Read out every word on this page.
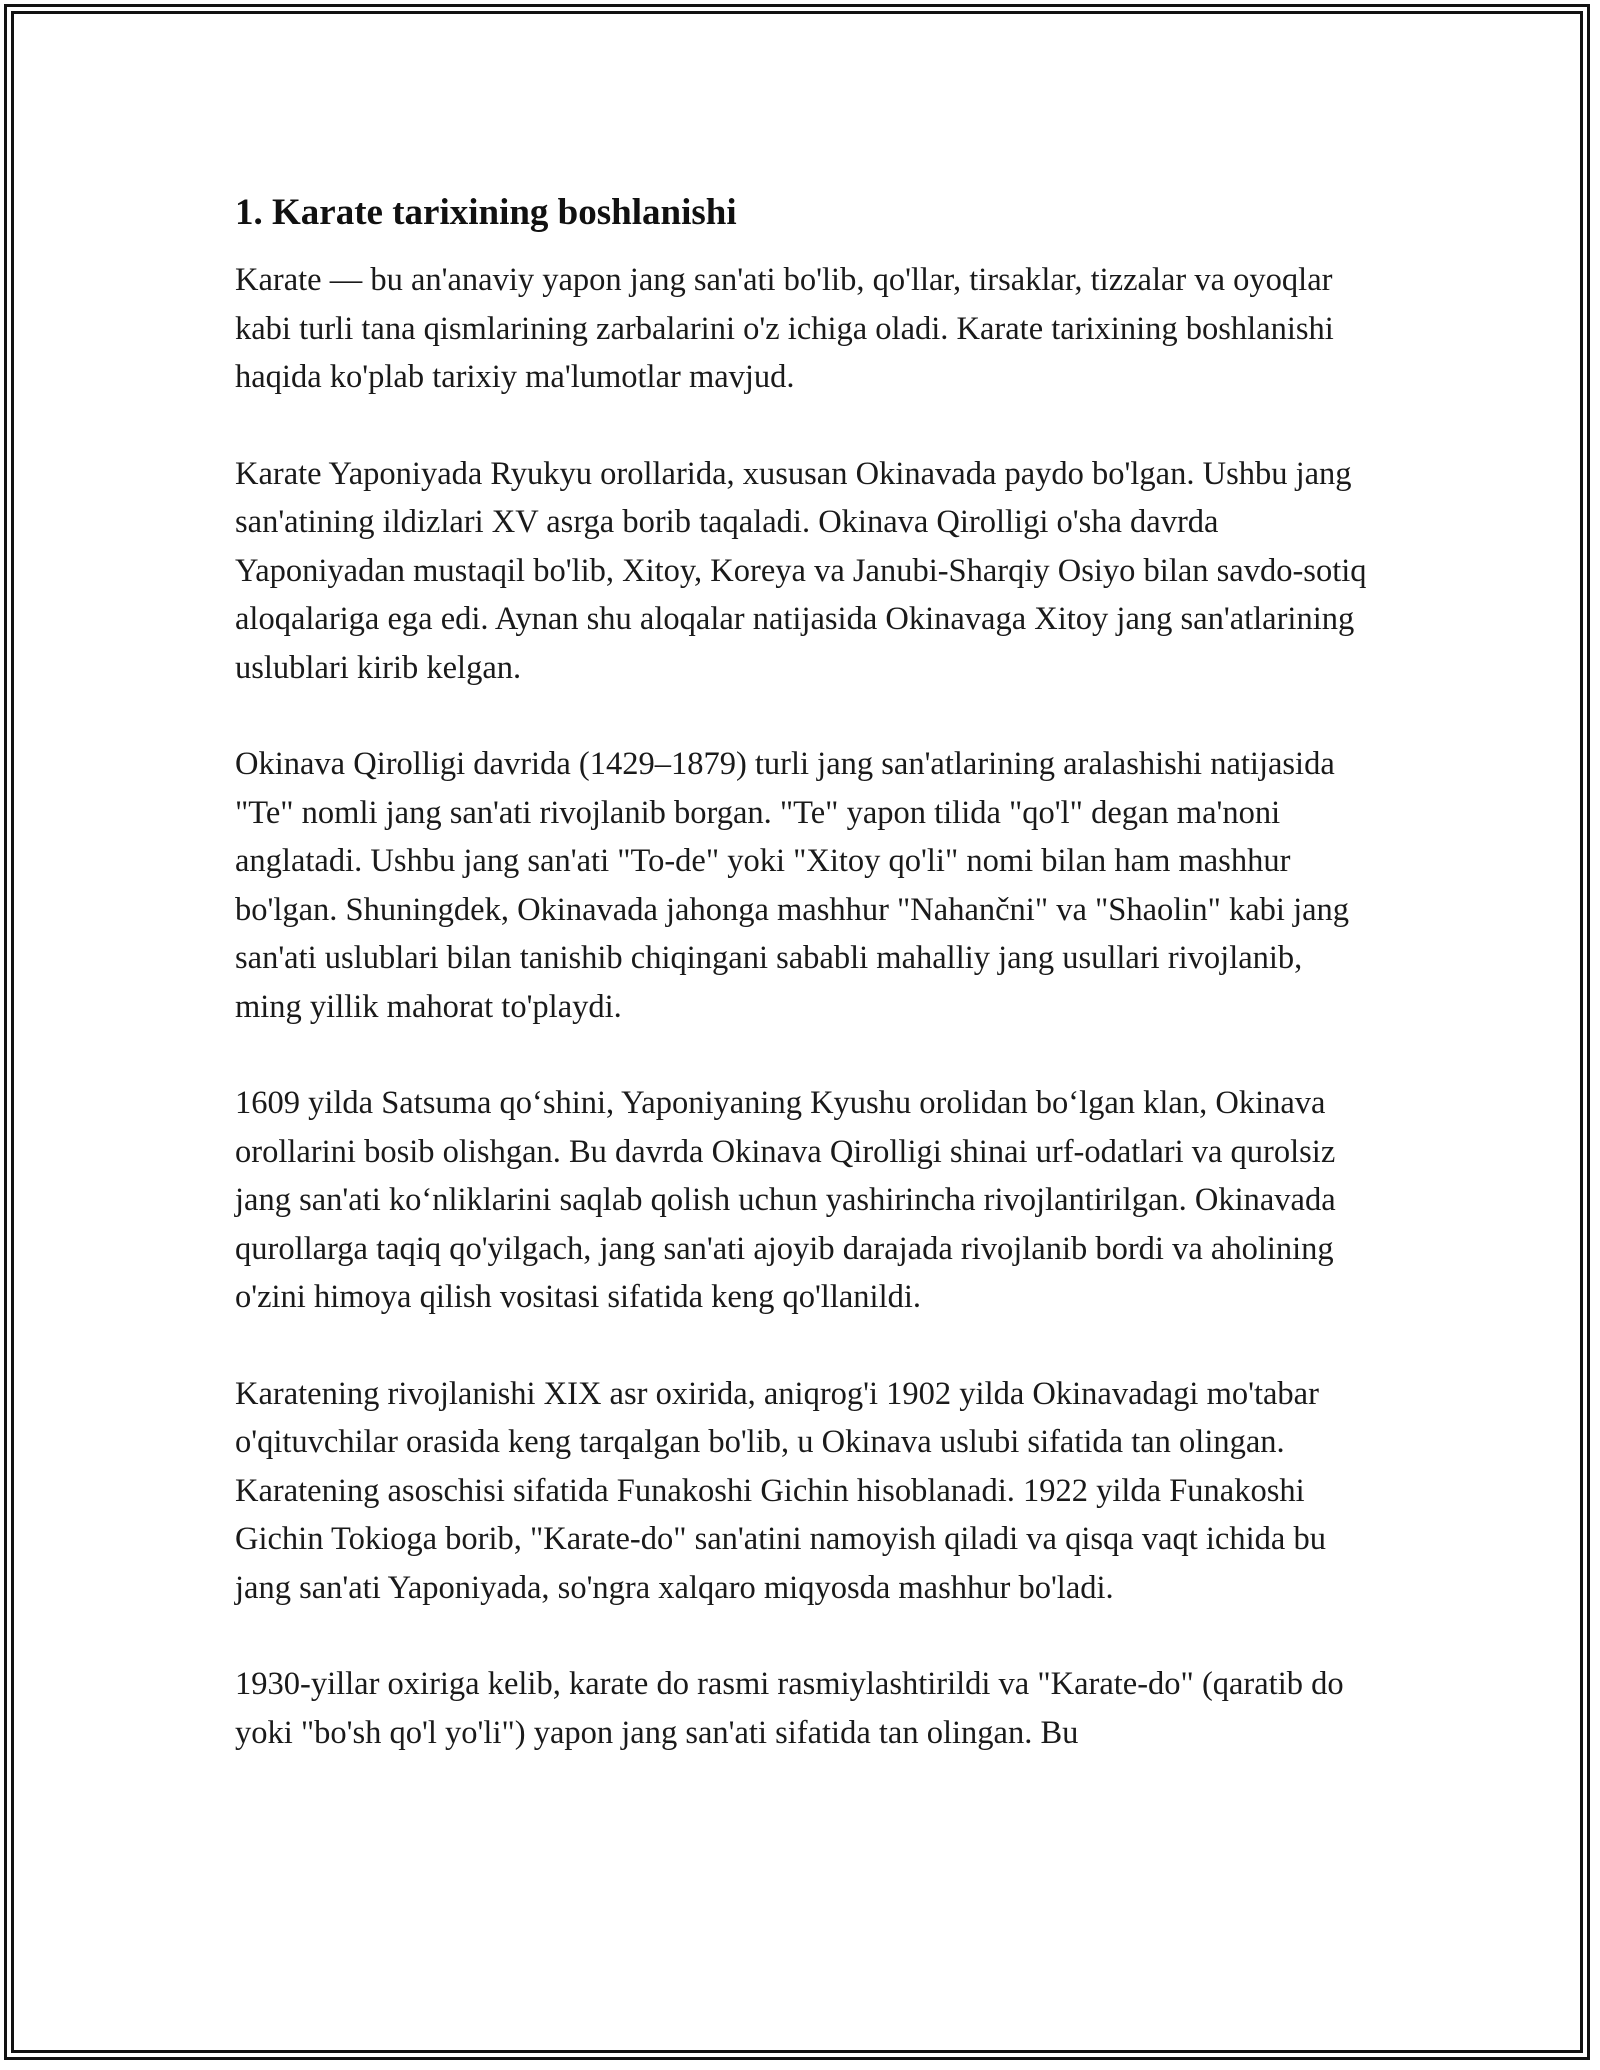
1. Karate tarixining boshlanishi

Karate — bu an'anaviy yapon jang san'ati bo'lib, qo'llar, tirsaklar, tizzalar va oyoqlar kabi turli tana qismlarining zarbalarini o'z ichiga oladi. Karate tarixining boshlanishi haqida ko'plab tarixiy ma'lumotlar mavjud.

Karate Yaponiyada Ryukyu orollarida, xususan Okinavada paydo bo'lgan. Ushbu jang san'atining ildizlari XV asrga borib taqaladi. Okinava Qirolligi o'sha davrda Yaponiyadan mustaqil bo'lib, Xitoy, Koreya va Janubi-Sharqiy Osiyo bilan savdo-sotiq aloqalariga ega edi. Aynan shu aloqalar natijasida Okinavaga Xitoy jang san'atlarining uslublari kirib kelgan.

Okinava Qirolligi davrida (1429–1879) turli jang san'atlarining aralashishi natijasida "Te" nomli jang san'ati rivojlanib borgan. "Te" yapon tilida "qo'l" degan ma'noni anglatadi. Ushbu jang san'ati "To-de" yoki "Xitoy qo'li" nomi bilan ham mashhur bo'lgan. Shuningdek, Okinavada jahonga mashhur "Nahančni" va "Shaolin" kabi jang san'ati uslublari bilan tanishib chiqingani sababli mahalliy jang usullari rivojlanib, ming yillik mahorat to'playdi.

1609 yilda Satsuma qoʻshini, Yaponiyaning Kyushu orolidan boʻlgan klan, Okinava orollarini bosib olishgan. Bu davrda Okinava Qirolligi shinai urf-odatlari va qurolsiz jang san'ati koʻnliklarini saqlab qolish uchun yashirincha rivojlantirilgan. Okinavada qurollarga taqiq qo'yilgach, jang san'ati ajoyib darajada rivojlanib bordi va aholining o'zini himoya qilish vositasi sifatida keng qo'llanildi.

Karatening rivojlanishi XIX asr oxirida, aniqrog'i 1902 yilda Okinavadagi mo'tabar o'qituvchilar orasida keng tarqalgan bo'lib, u Okinava uslubi sifatida tan olingan. Karatening asoschisi sifatida Funakoshi Gichin hisoblanadi. 1922 yilda Funakoshi Gichin Tokioga borib, "Karate-do" san'atini namoyish qiladi va qisqa vaqt ichida bu jang san'ati Yaponiyada, so'ngra xalqaro miqyosda mashhur bo'ladi.

1930-yillar oxiriga kelib, karate do rasmi rasmiylashtirildi va "Karate-do" (qaratib do yoki "bo'sh qo'l yo'li") yapon jang san'ati sifatida tan olingan. Bu
